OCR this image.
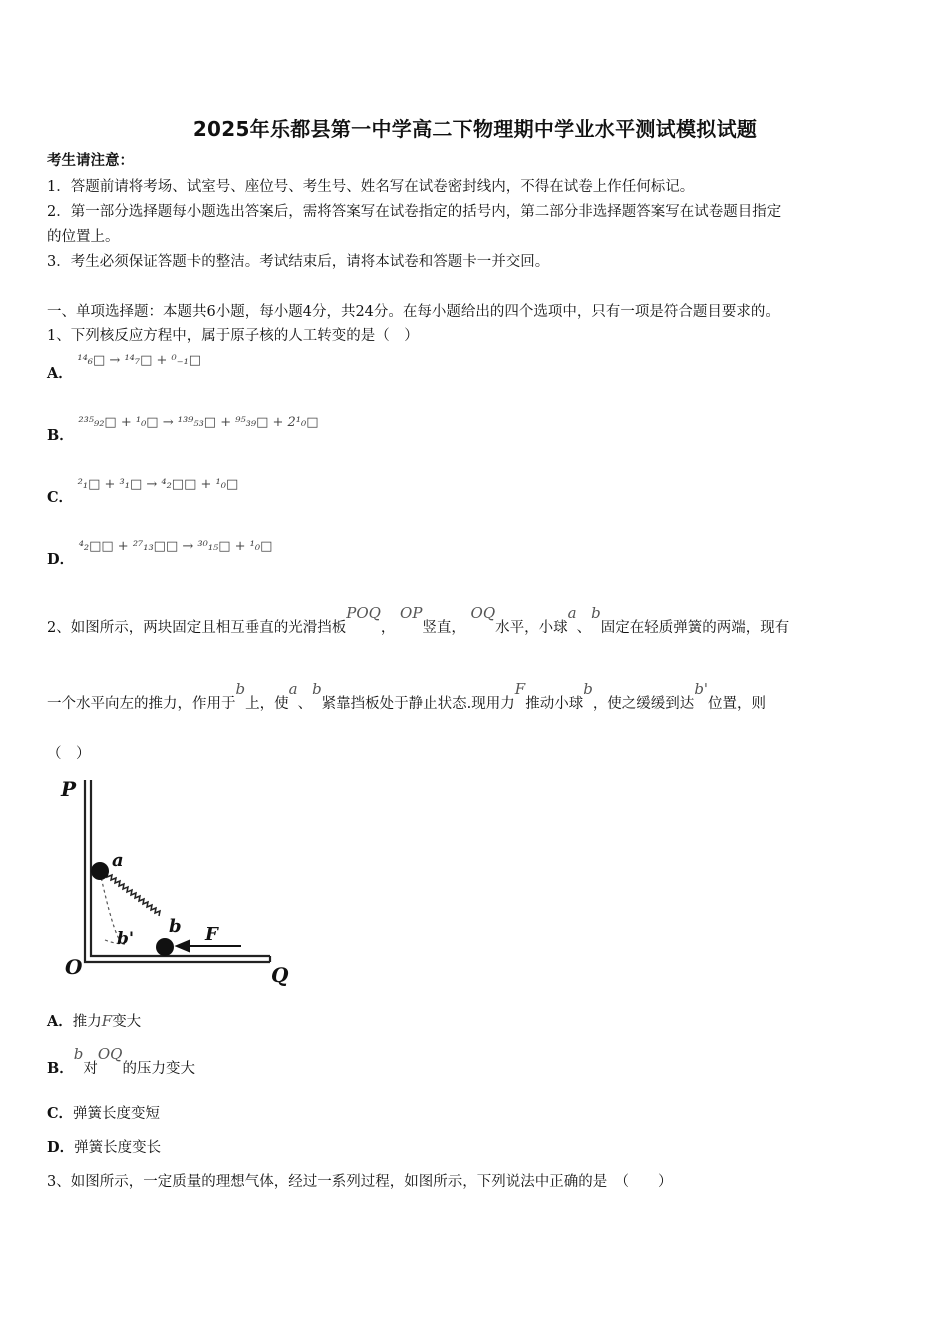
2025年乐都县第一中学高二下物理期中学业水平测试模拟试题
考生请注意：
1．答题前请将考场、试室号、座位号、考生号、姓名写在试卷密封线内，不得在试卷上作任何标记。
2．第一部分选择题每小题选出答案后，需将答案写在试卷指定的括号内，第二部分非选择题答案写在试卷题目指定
的位置上。
3．考生必须保证答题卡的整洁。考试结束后，请将本试卷和答题卡一并交回。
一、单项选择题：本题共6小题，每小题4分，共24分。在每小题给出的四个选项中，只有一项是符合题目要求的。
1、下列核反应方程中，属于原子核的人工转变的是（　）
A． ¹⁴₆□ → ¹⁴₇□ + ⁰₋₁□
B． ²³⁵₉₂□ + ¹₀□ → ¹³⁹₅₃□ + ⁹⁵₃₉□ + 2¹₀□
C． ²₁□ + ³₁□ → ⁴₂□□ + ¹₀□
D． ⁴₂□□ + ²⁷₁₃□□ → ³⁰₁₅□ + ¹₀□
2、如图所示，两块固定且相互垂直的光滑挡板POQ， OP竖直， OQ水平，小球a、b固定在轻质弹簧的两端，现有
一个水平向左的推力，作用于b上，使a、b紧靠挡板处于静止状态.现用力F推动小球b，使之缓缓到达b'位置，则
（　）
P
O	Q
a
b
b'	F
A．推力F变大
B．b对OQ的压力变大
C．弹簧长度变短
D．弹簧长度变长
3、如图所示，一定质量的理想气体，经过一系列过程，如图所示，下列说法中正确的是　（　　）
